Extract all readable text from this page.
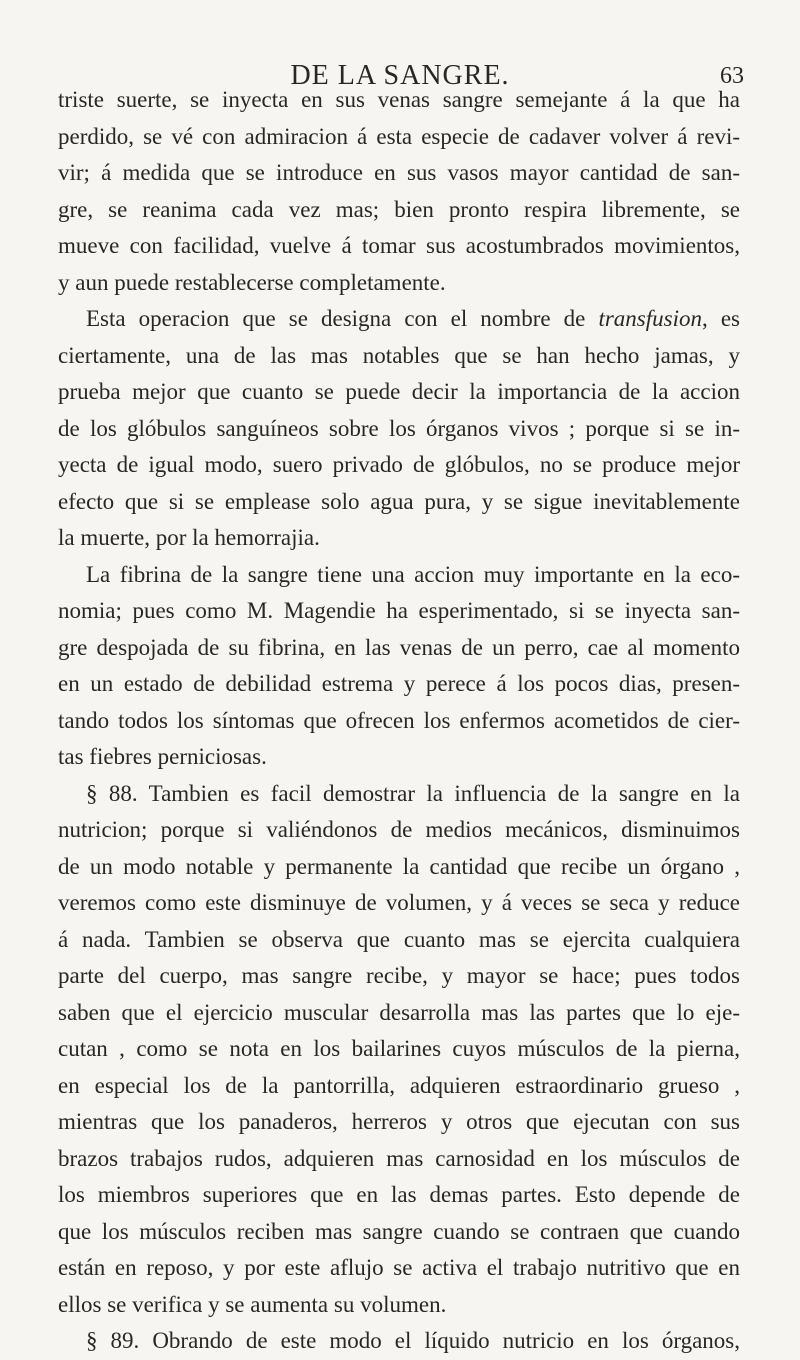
DE LA SANGRE.	63
triste suerte, se inyecta en sus venas sangre semejante á la que ha
perdido, se vé con admiracion á esta especie de cadaver volver á revi-
vir; á medida que se introduce en sus vasos mayor cantidad de san-
gre, se reanima cada vez mas; bien pronto respira libremente, se
mueve con facilidad, vuelve á tomar sus acostumbrados movimientos,
y aun puede restablecerse completamente.
Esta operacion que se designa con el nombre de transfusion, es
ciertamente, una de las mas notables que se han hecho jamas, y
prueba mejor que cuanto se puede decir la importancia de la accion
de los glóbulos sanguíneos sobre los órganos vivos ; porque si se in-
yecta de igual modo, suero privado de glóbulos, no se produce mejor
efecto que si se emplease solo agua pura, y se sigue inevitablemente
la muerte, por la hemorrajia.
La fibrina de la sangre tiene una accion muy importante en la eco-
nomia; pues como M. Magendie ha esperimentado, si se inyecta san-
gre despojada de su fibrina, en las venas de un perro, cae al momento
en un estado de debilidad estrema y perece á los pocos dias, presen-
tando todos los síntomas que ofrecen los enfermos acometidos de cier-
tas fiebres perniciosas.
§ 88. Tambien es facil demostrar la influencia de la sangre en la
nutricion; porque si valiéndonos de medios mecánicos, disminuimos
de un modo notable y permanente la cantidad que recibe un órgano ,
veremos como este disminuye de volumen, y á veces se seca y reduce
á nada. Tambien se observa que cuanto mas se ejercita cualquiera
parte del cuerpo, mas sangre recibe, y mayor se hace; pues todos
saben que el ejercicio muscular desarrolla mas las partes que lo eje-
cutan , como se nota en los bailarines cuyos músculos de la pierna,
en especial los de la pantorrilla, adquieren estraordinario grueso ,
mientras que los panaderos, herreros y otros que ejecutan con sus
brazos trabajos rudos, adquieren mas carnosidad en los músculos de
los miembros superiores que en las demas partes. Esto depende de
que los músculos reciben mas sangre cuando se contraen que cuando
están en reposo, y por este aflujo se activa el trabajo nutritivo que en
ellos se verifica y se aumenta su volumen.
§ 89. Obrando de este modo el líquido nutricio en los órganos,
